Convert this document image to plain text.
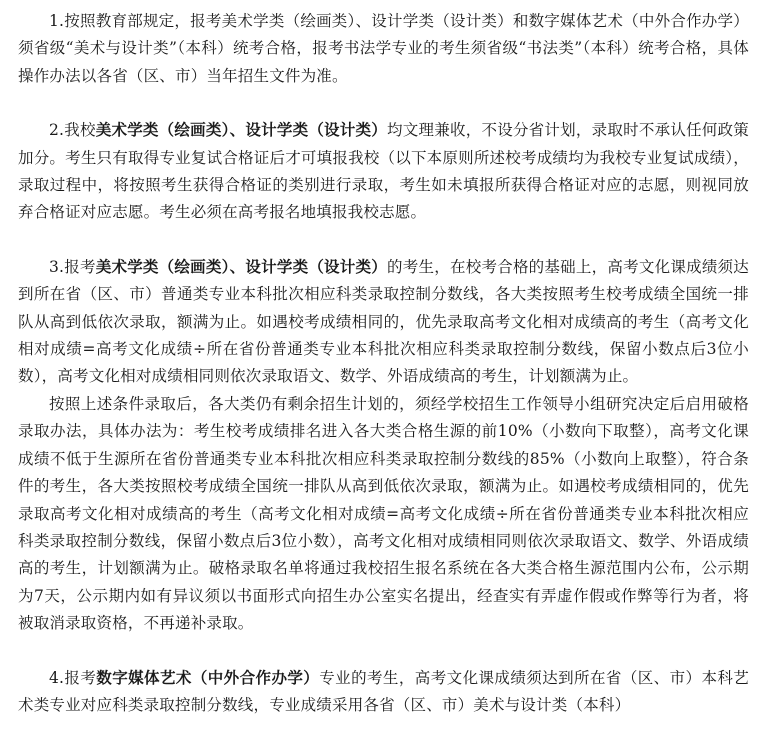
1.按照教育部规定，报考美术学类（绘画类）、设计学类（设计类）和数字媒体艺术（中外合作办学）须省级“美术与设计类”（本科）统考合格，报考书法学专业的考生须省级“书法类”（本科）统考合格，具体操作办法以各省（区、市）当年招生文件为准。

2.我校美术学类（绘画类）、设计学类（设计类）均文理兼收，不设分省计划，录取时不承认任何政策加分。考生只有取得专业复试合格证后才可填报我校（以下本原则所述校考成绩均为我校专业复试成绩），录取过程中，将按照考生获得合格证的类别进行录取，考生如未填报所获得合格证对应的志愿，则视同放弃合格证对应志愿。考生必须在高考报名地填报我校志愿。

3.报考美术学类（绘画类）、设计学类（设计类）的考生，在校考合格的基础上，高考文化课成绩须达到所在省（区、市）普通类专业本科批次相应科类录取控制分数线，各大类按照考生校考成绩全国统一排队从高到低依次录取，额满为止。如遇校考成绩相同的，优先录取高考文化相对成绩高的考生（高考文化相对成绩=高考文化成绩÷所在省份普通类专业本科批次相应科类录取控制分数线，保留小数点后3位小数），高考文化相对成绩相同则依次录取语文、数学、外语成绩高的考生，计划额满为止。

按照上述条件录取后，各大类仍有剩余招生计划的，须经学校招生工作领导小组研究决定后启用破格录取办法，具体办法为：考生校考成绩排名进入各大类合格生源的前10%（小数向下取整），高考文化课成绩不低于生源所在省份普通类专业本科批次相应科类录取控制分数线的85%（小数向上取整），符合条件的考生，各大类按照校考成绩全国统一排队从高到低依次录取，额满为止。如遇校考成绩相同的，优先录取高考文化相对成绩高的考生（高考文化相对成绩=高考文化成绩÷所在省份普通类专业本科批次相应科类录取控制分数线，保留小数点后3位小数），高考文化相对成绩相同则依次录取语文、数学、外语成绩高的考生，计划额满为止。破格录取名单将通过我校招生报名系统在各大类合格生源范围内公布，公示期为7天，公示期内如有异议须以书面形式向招生办公室实名提出，经查实有弄虚作假或作弊等行为者，将被取消录取资格，不再递补录取。

4.报考数字媒体艺术（中外合作办学）专业的考生，高考文化课成绩须达到所在省（区、市）本科艺术类专业对应科类录取控制分数线，专业成绩采用各省（区、市）美术与设计类（本科）
